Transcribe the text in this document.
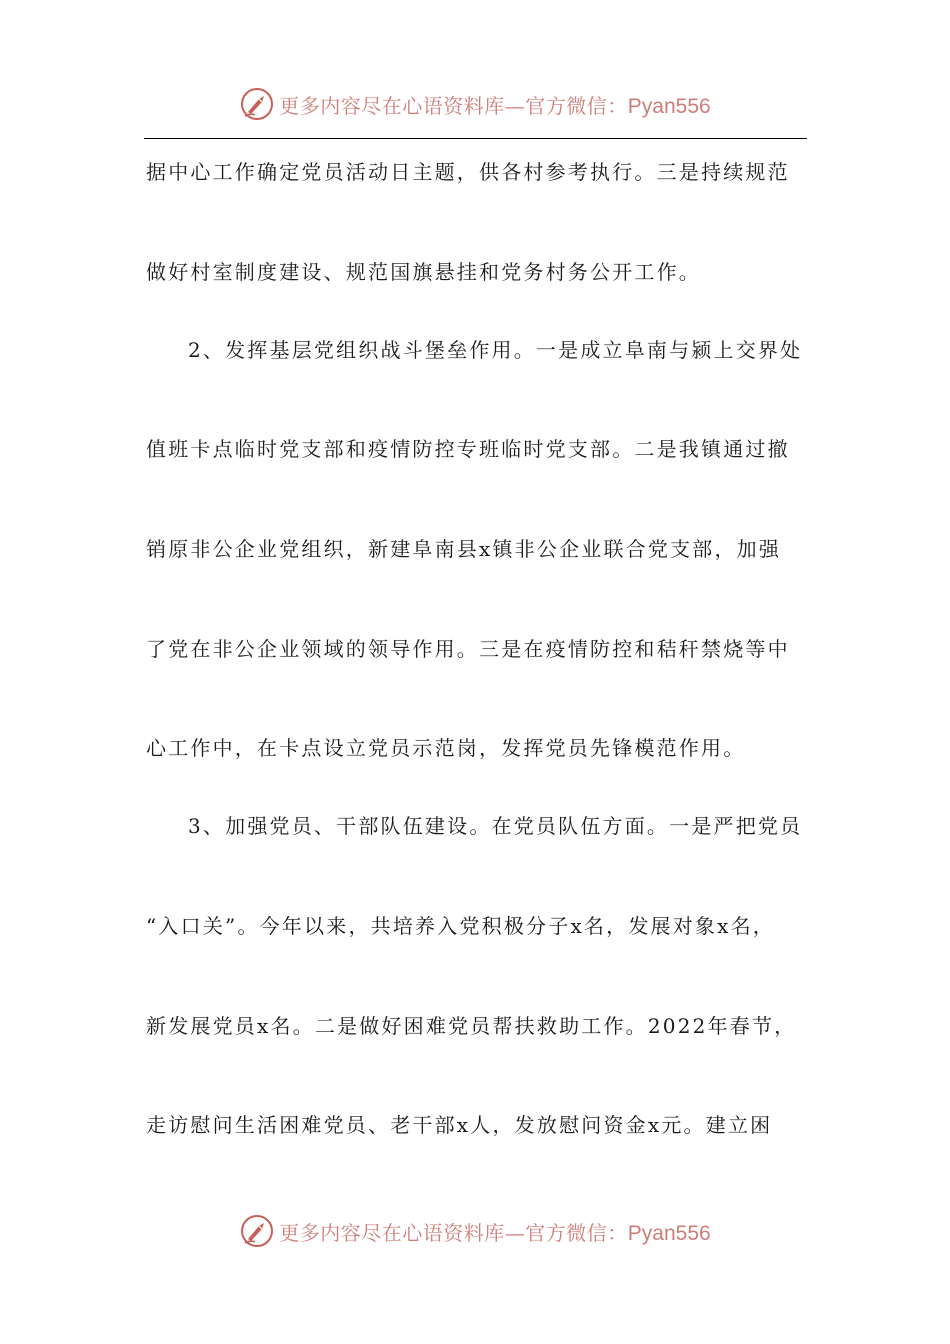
更多内容尽在心语资料库—官方微信：Pyan556
据中心工作确定党员活动日主题，供各村参考执行。三是持续规范
做好村室制度建设、规范国旗悬挂和党务村务公开工作。
2、发挥基层党组织战斗堡垒作用。一是成立阜南与颍上交界处
值班卡点临时党支部和疫情防控专班临时党支部。二是我镇通过撤
销原非公企业党组织，新建阜南县x镇非公企业联合党支部，加强
了党在非公企业领域的领导作用。三是在疫情防控和秸秆禁烧等中
心工作中，在卡点设立党员示范岗，发挥党员先锋模范作用。
3、加强党员、干部队伍建设。在党员队伍方面。一是严把党员
“入口关”。今年以来，共培养入党积极分子x名，发展对象x名，
新发展党员x名。二是做好困难党员帮扶救助工作。2022年春节，
走访慰问生活困难党员、老干部x人，发放慰问资金x元。建立困
更多内容尽在心语资料库—官方微信：Pyan556
